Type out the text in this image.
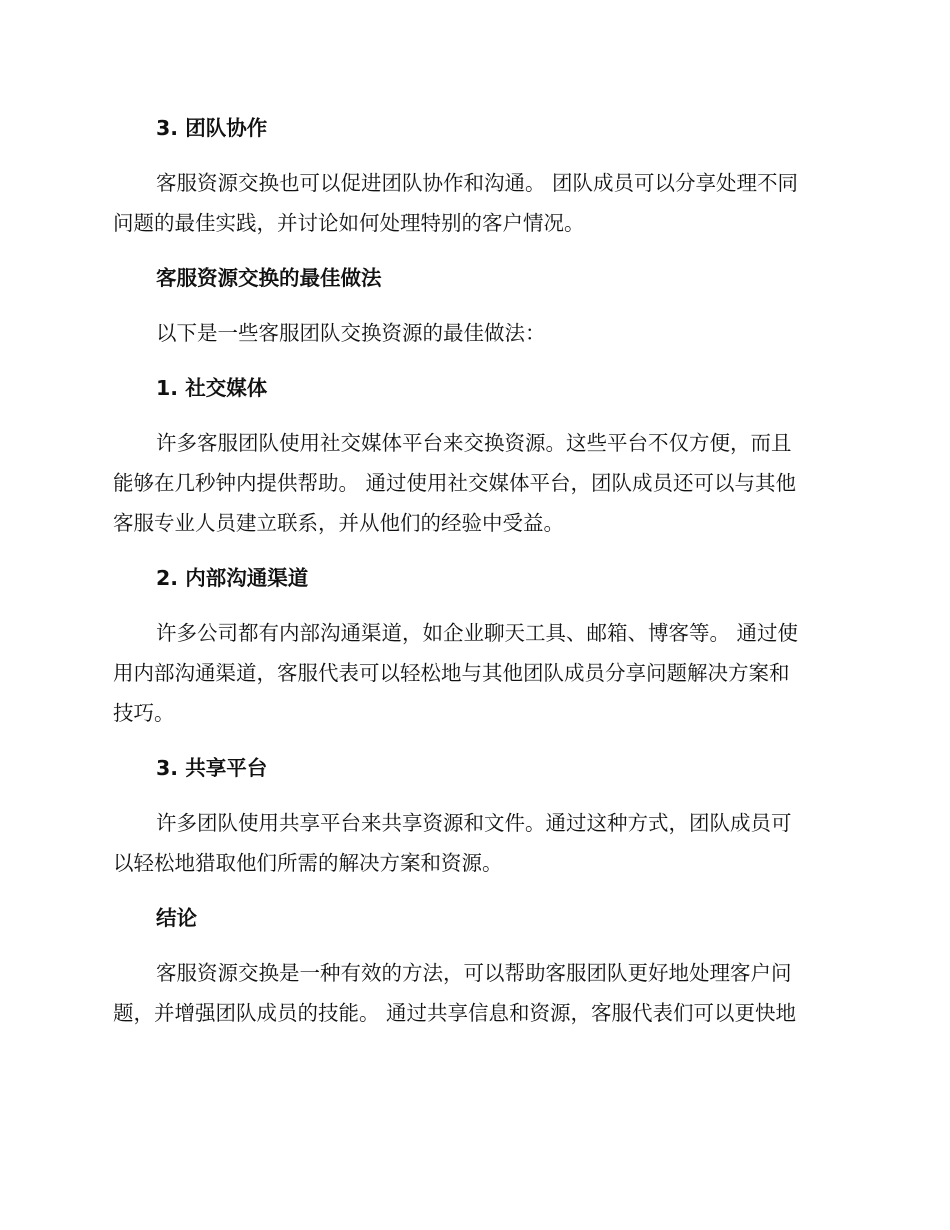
3. 团队协作
客服资源交换也可以促进团队协作和沟通。 团队成员可以分享处理不同
问题的最佳实践，并讨论如何处理特别的客户情况。
客服资源交换的最佳做法
以下是一些客服团队交换资源的最佳做法：
1. 社交媒体
许多客服团队使用社交媒体平台来交换资源。这些平台不仅方便，而且
能够在几秒钟内提供帮助。 通过使用社交媒体平台，团队成员还可以与其他
客服专业人员建立联系，并从他们的经验中受益。
2. 内部沟通渠道
许多公司都有内部沟通渠道，如企业聊天工具、邮箱、博客等。 通过使
用内部沟通渠道，客服代表可以轻松地与其他团队成员分享问题解决方案和
技巧。
3. 共享平台
许多团队使用共享平台来共享资源和文件。通过这种方式，团队成员可
以轻松地猎取他们所需的解决方案和资源。
结论
客服资源交换是一种有效的方法，可以帮助客服团队更好地处理客户问
题，并增强团队成员的技能。 通过共享信息和资源，客服代表们可以更快地
